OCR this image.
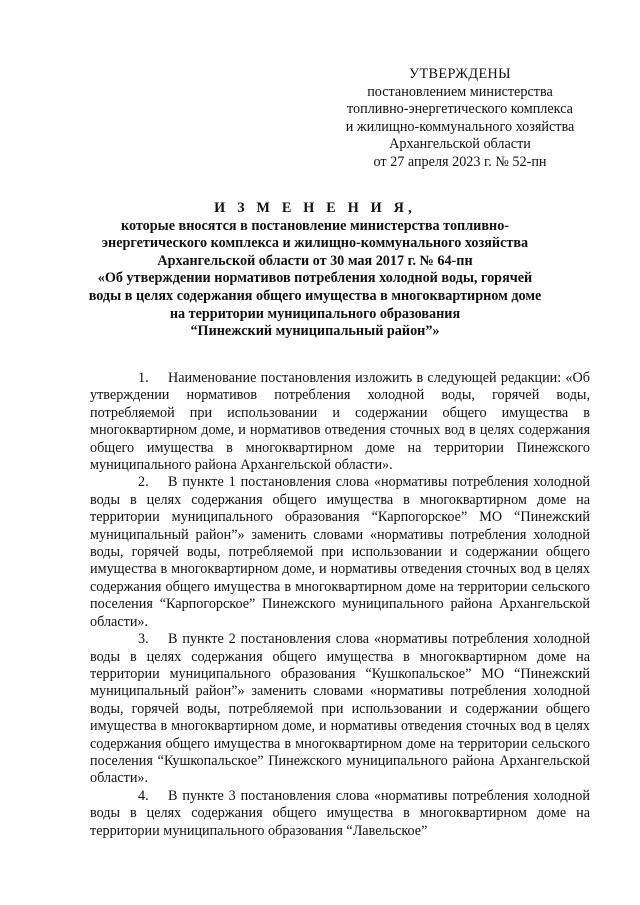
УТВЕРЖДЕНЫ
постановлением министерства
топливно-энергетического комплекса
и жилищно-коммунального хозяйства
Архангельской области
от 27 апреля 2023 г. № 52-пн
И З М Е Н Е Н И Я,
которые вносятся в постановление министерства топливно-
энергетического комплекса и жилищно-коммунального хозяйства
Архангельской области от 30 мая 2017 г. № 64-пн
«Об утверждении нормативов потребления холодной воды, горячей
воды в целях содержания общего имущества в многоквартирном доме
на территории муниципального образования
“Пинежский муниципальный район”»

1. Наименование постановления изложить в следующей редакции: «Об утверждении нормативов потребления холодной воды, горячей воды, потребляемой при использовании и содержании общего имущества в многоквартирном доме, и нормативов отведения сточных вод в целях содержания общего имущества в многоквартирном доме на территории Пинежского муниципального района Архангельской области».

2. В пункте 1 постановления слова «нормативы потребления холодной воды в целях содержания общего имущества в многоквартирном доме на территории муниципального образования “Карпогорское” МО “Пинежский муниципальный район”» заменить словами «нормативы потребления холодной воды, горячей воды, потребляемой при использовании и содержании общего имущества в многоквартирном доме, и нормативы отведения сточных вод в целях содержания общего имущества в многоквартирном доме на территории сельского поселения “Карпогорское” Пинежского муниципального района Архангельской области».

3. В пункте 2 постановления слова «нормативы потребления холодной воды в целях содержания общего имущества в многоквартирном доме на территории муниципального образования “Кушкопальское” МО “Пинежский муниципальный район”» заменить словами «нормативы потребления холодной воды, горячей воды, потребляемой при использовании и содержании общего имущества в многоквартирном доме, и нормативы отведения сточных вод в целях содержания общего имущества в многоквартирном доме на территории сельского поселения “Кушкопальское” Пинежского муниципального района Архангельской области».

4. В пункте 3 постановления слова «нормативы потребления холодной воды в целях содержания общего имущества в многоквартирном доме на территории муниципального образования “Лавельское”
